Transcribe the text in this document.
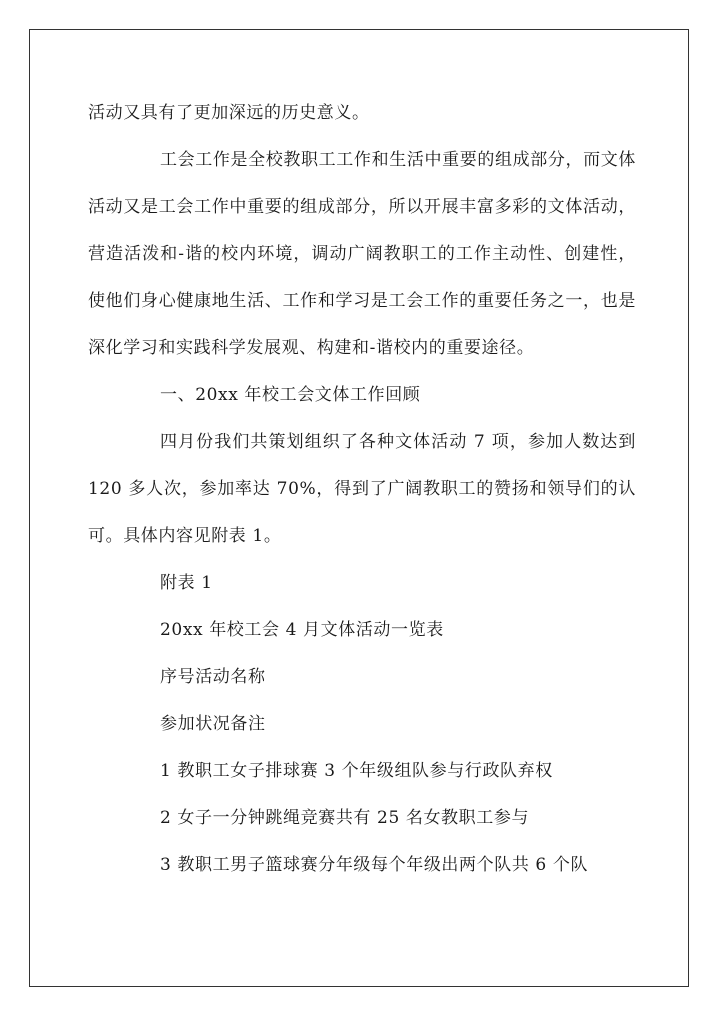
活动又具有了更加深远的历史意义。

工会工作是全校教职工工作和生活中重要的组成部分，而文体活动又是工会工作中重要的组成部分，所以开展丰富多彩的文体活动，营造活泼和-谐的校内环境，调动广阔教职工的工作主动性、创建性，使他们身心健康地生活、工作和学习是工会工作的重要任务之一，也是深化学习和实践科学发展观、构建和-谐校内的重要途径。

一、20xx 年校工会文体工作回顾

四月份我们共策划组织了各种文体活动 7 项，参加人数达到 120 多人次，参加率达 70%，得到了广阔教职工的赞扬和领导们的认可。具体内容见附表 1。

附表 1

20xx 年校工会 4 月文体活动一览表

序号活动名称

参加状况备注

1 教职工女子排球赛 3 个年级组队参与行政队弃权

2 女子一分钟跳绳竞赛共有 25 名女教职工参与

3 教职工男子篮球赛分年级每个年级出两个队共 6 个队
